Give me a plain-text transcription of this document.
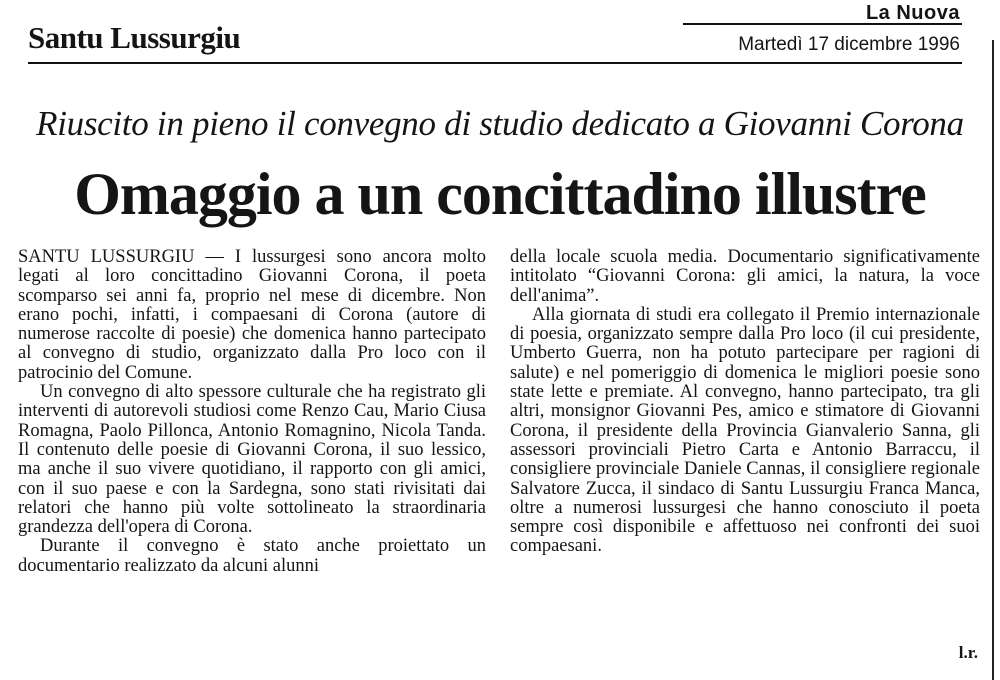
La Nuova
Santu Lussurgiu	Martedì 17 dicembre 1996
Riuscito in pieno il convegno di studio dedicato a Giovanni Corona
Omaggio a un concittadino illustre

SANTU LUSSURGIU — I lussurgesi sono ancora molto legati al loro concittadino Giovanni Corona, il poeta scomparso sei anni fa, proprio nel mese di dicembre. Non erano pochi, infatti, i compaesani di Corona (autore di numerose raccolte di poesie) che domenica hanno partecipato al convegno di studio, organizzato dalla Pro loco con il patrocinio del Comune.

Un convegno di alto spessore culturale che ha registrato gli interventi di autorevoli studiosi come Renzo Cau, Mario Ciusa Romagna, Paolo Pillonca, Antonio Romagnino, Nicola Tanda. Il contenuto delle poesie di Giovanni Corona, il suo lessico, ma anche il suo vivere quotidiano, il rapporto con gli amici, con il suo paese e con la Sardegna, sono stati rivisitati dai relatori che hanno più volte sottolineato la straordinaria grandezza dell'opera di Corona.

Durante il convegno è stato anche proiettato un documentario realizzato da alcuni alunni

della locale scuola media. Documentario significativamente intitolato “Giovanni Corona: gli amici, la natura, la voce dell'anima”.

Alla giornata di studi era collegato il Premio internazionale di poesia, organizzato sempre dalla Pro loco (il cui presidente, Umberto Guerra, non ha potuto partecipare per ragioni di salute) e nel pomeriggio di domenica le migliori poesie sono state lette e premiate. Al convegno, hanno partecipato, tra gli altri, monsignor Giovanni Pes, amico e stimatore di Giovanni Corona, il presidente della Provincia Gianvalerio Sanna, gli assessori provinciali Pietro Carta e Antonio Barraccu, il consigliere provinciale Daniele Cannas, il consigliere regionale Salvatore Zucca, il sindaco di Santu Lussurgiu Franca Manca, oltre a numerosi lussurgesi che hanno conosciuto il poeta sempre così disponibile e affettuoso nei confronti dei suoi compaesani.

l.r.
